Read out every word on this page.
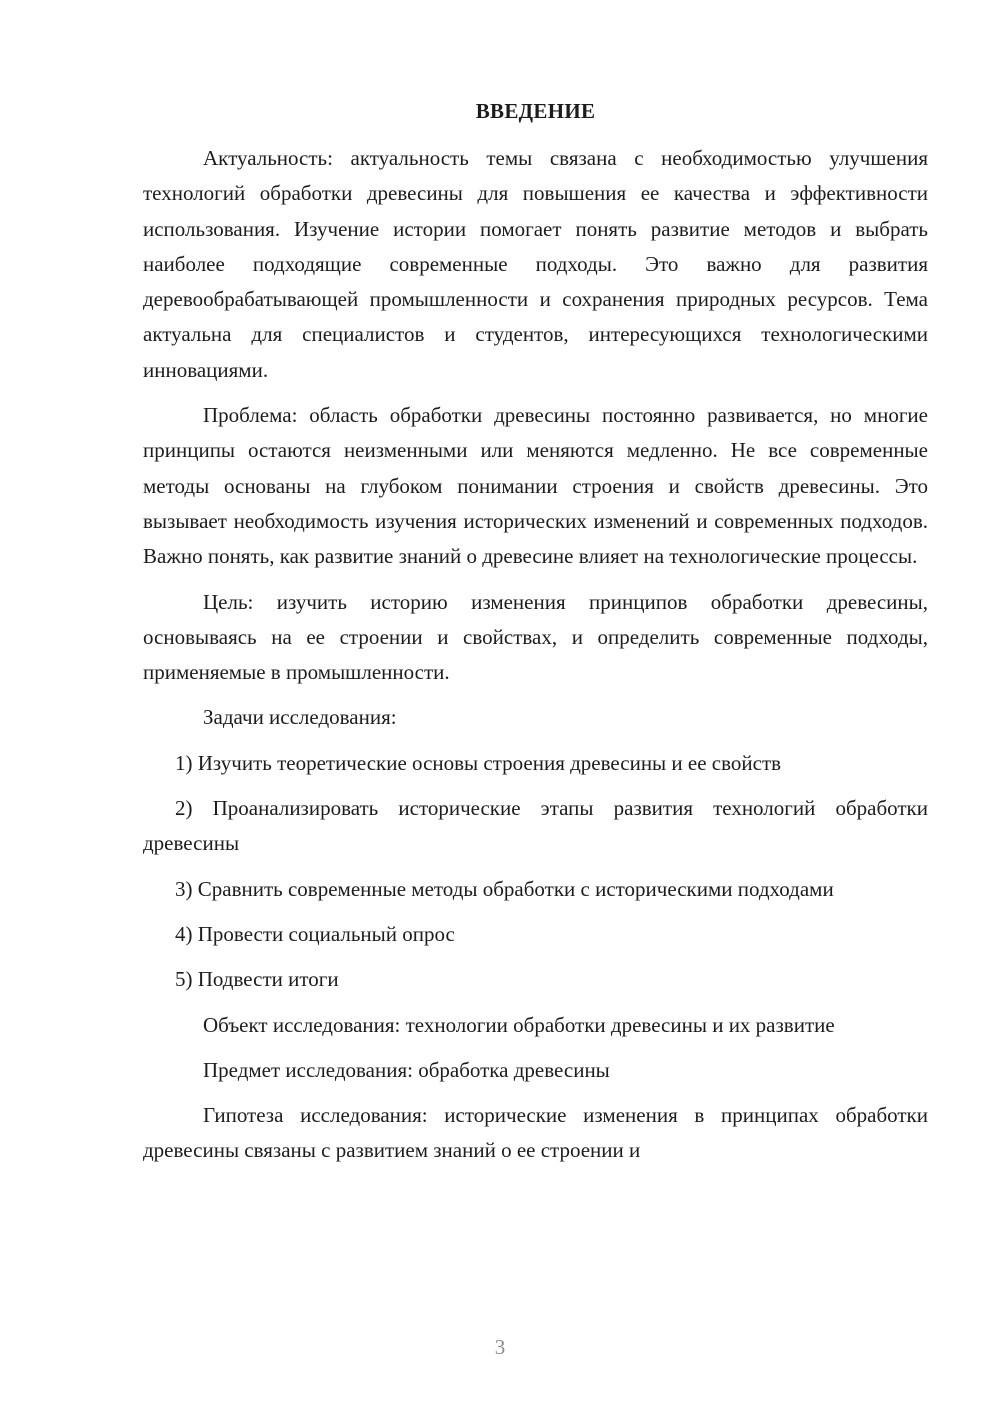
ВВЕДЕНИЕ

Актуальность: актуальность темы связана с необходимостью улучшения технологий обработки древесины для повышения ее качества и эффективности использования. Изучение истории помогает понять развитие методов и выбрать наиболее подходящие современные подходы. Это важно для развития деревообрабатывающей промышленности и сохранения природных ресурсов. Тема актуальна для специалистов и студентов, интересующихся технологическими инновациями.

Проблема: область обработки древесины постоянно развивается, но многие принципы остаются неизменными или меняются медленно. Не все современные методы основаны на глубоком понимании строения и свойств древесины. Это вызывает необходимость изучения исторических изменений и современных подходов. Важно понять, как развитие знаний о древесине влияет на технологические процессы.

Цель: изучить историю изменения принципов обработки древесины, основываясь на ее строении и свойствах, и определить современные подходы, применяемые в промышленности.

Задачи исследования:

1) Изучить теоретические основы строения древесины и ее свойств

2) Проанализировать исторические этапы развития технологий обработки древесины

3) Сравнить современные методы обработки с историческими подходами

4) Провести социальный опрос

5) Подвести итоги

Объект исследования: технологии обработки древесины и их развитие

Предмет исследования: обработка древесины

Гипотеза исследования: исторические изменения в принципах обработки древесины связаны с развитием знаний о ее строении и

3
